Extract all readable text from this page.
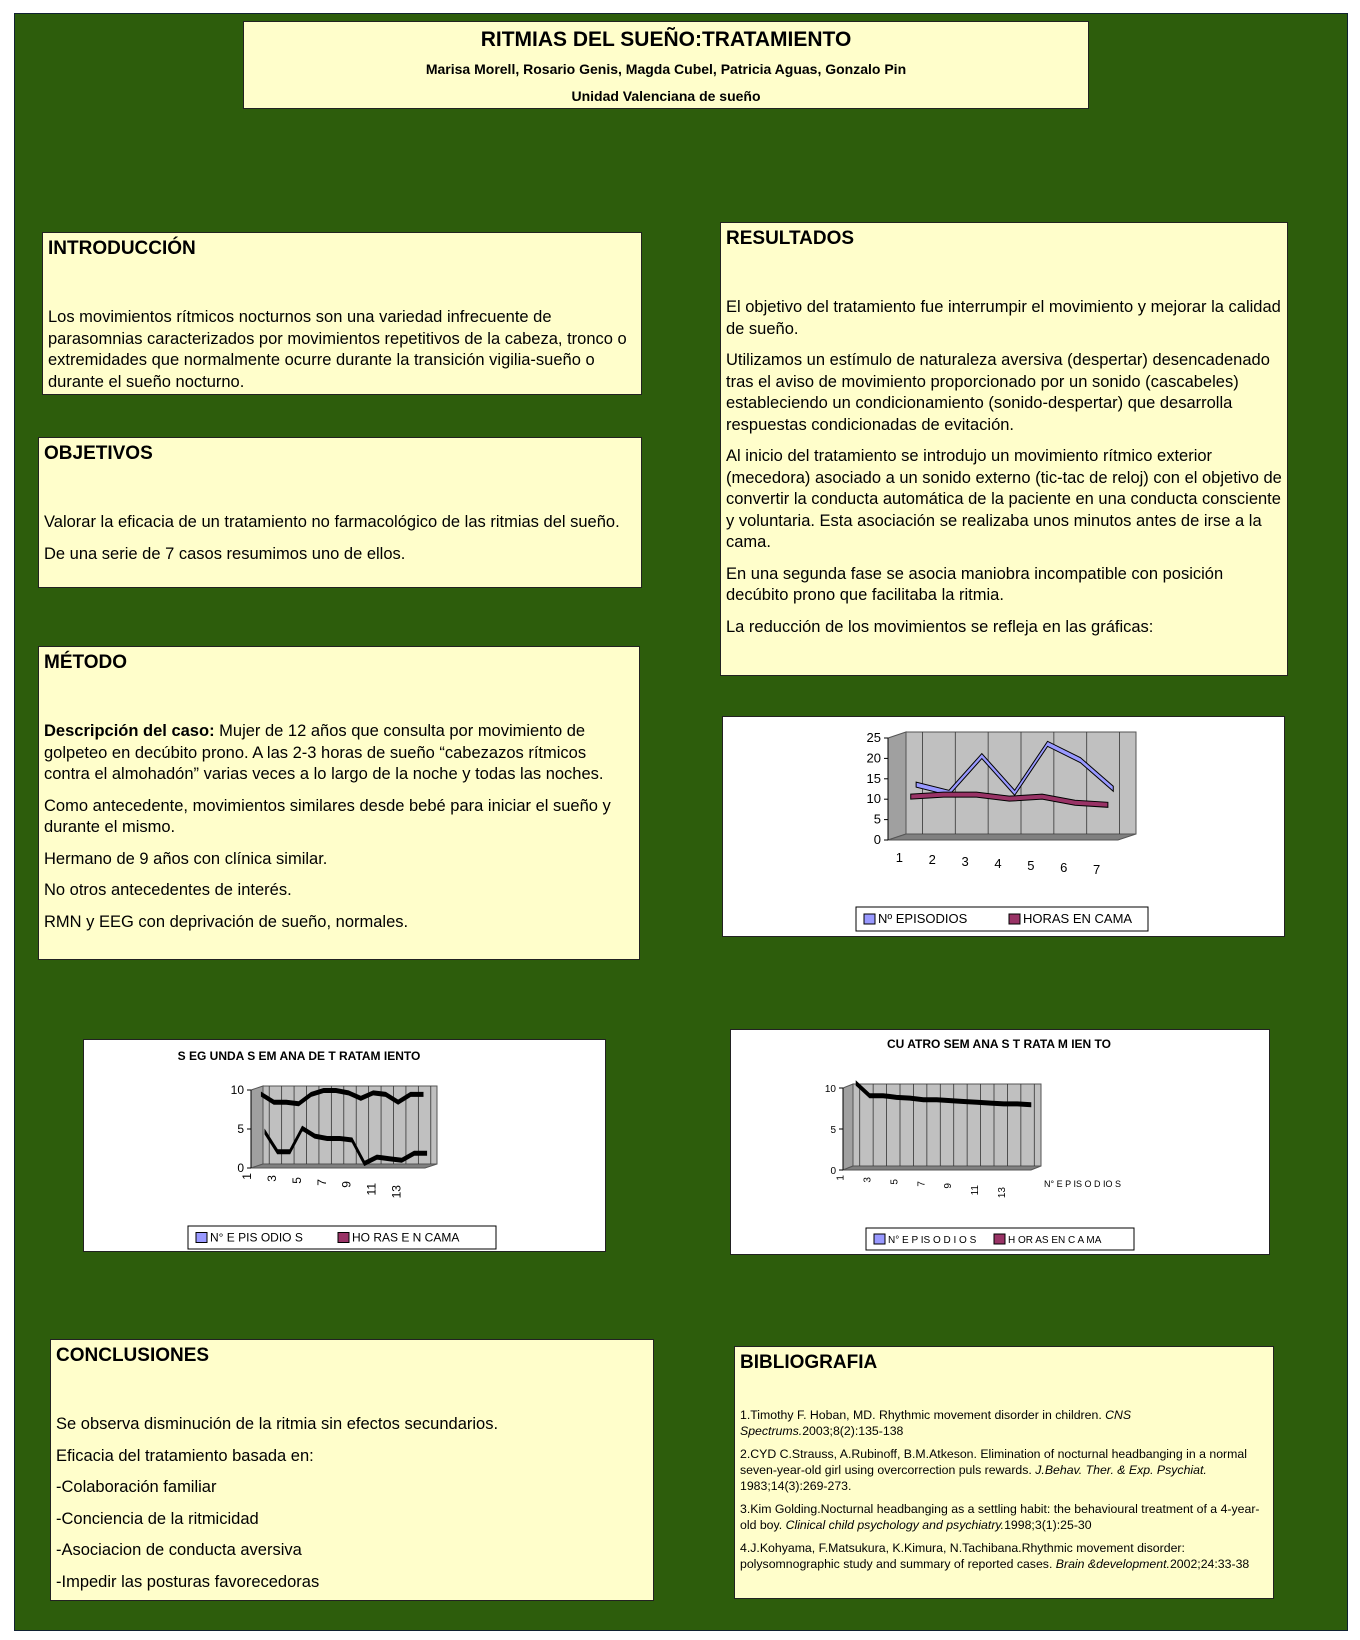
RITMIAS DEL SUEÑO:TRATAMIENTO
Marisa Morell, Rosario Genis, Magda Cubel, Patricia Aguas, Gonzalo Pin
Unidad Valenciana de sueño
INTRODUCCIÓN

Los movimientos rítmicos nocturnos son una variedad infrecuente de parasomnias caracterizados por movimientos repetitivos de la cabeza, tronco o extremidades que normalmente ocurre durante la transición vigilia-sueño o durante el sueño nocturno.

OBJETIVOS

Valorar la eficacia de un tratamiento no farmacológico de las ritmias del sueño.

De una serie de 7 casos resumimos uno de ellos.

MÉTODO

Descripción del caso: Mujer de 12 años que consulta por movimiento de golpeteo en decúbito prono. A las 2-3 horas de sueño “cabezazos rítmicos contra el almohadón” varias veces a lo largo de la noche y todas las noches.

Como antecedente, movimientos similares desde bebé para iniciar el sueño y durante el mismo.

Hermano de 9 años con clínica similar.

No otros antecedentes de interés.

RMN y EEG con deprivación de sueño, normales.

RESULTADOS

El objetivo del tratamiento fue interrumpir el movimiento y mejorar la calidad de sueño.

Utilizamos un estímulo de naturaleza aversiva (despertar) desencadenado tras el aviso de movimiento proporcionado por un sonido (cascabeles) estableciendo un condicionamiento (sonido-despertar) que desarrolla respuestas condicionadas de evitación.

Al inicio del tratamiento se introdujo un movimiento rítmico exterior (mecedora) asociado a un sonido externo (tic-tac de reloj) con el objetivo de convertir la conducta automática de la paciente en una conducta consciente y voluntaria. Esta asociación se realizaba unos minutos antes de irse a la cama.

En una segunda fase se asocia maniobra incompatible con posición decúbito prono que facilitaba la ritmia.

La reducción de los movimientos se refleja en las gráficas:

CONCLUSIONES

Se observa disminución de la ritmia sin efectos secundarios.

Eficacia del tratamiento basada en:

-Colaboración familiar

-Conciencia de la ritmicidad

-Asociacion de conducta aversiva

-Impedir las posturas favorecedoras

BIBLIOGRAFIA

1.Timothy F. Hoban, MD. Rhythmic movement disorder in children. CNS Spectrums.2003;8(2):135-138

2.CYD C.Strauss, A.Rubinoff, B.M.Atkeson. Elimination of nocturnal headbanging in a normal seven-year-old girl using overcorrection puls rewards. J.Behav. Ther. & Exp. Psychiat. 1983;14(3):269-273.

3.Kim Golding.Nocturnal headbanging as a settling habit: the behavioural treatment of a 4-year-old boy. Clinical child psychology and psychiatry.1998;3(1):25-30

4.J.Kohyama, F.Matsukura, K.Kimura, N.Tachibana.Rhythmic movement disorder: polysomnographic study and summary of reported cases. Brain &development.2002;24:33-38

0
5
10
15
20
25
1 2 3 4 5 6 7
Nº EPISODIOS	HORAS EN CAMA
0
5
10
1 3 5 7 9 11 13
S EG UNDA S EM ANA DE T RATAM IENTO
N° E PIS ODIO S	HO RAS E N CAMA
0
5
10
1 3 5 7 9 11 13
CU ATRO SEM ANA S T RATA M IEN TO
N° E P IS O D IO S
N° E P IS O D I O S	H OR AS EN C A MA
